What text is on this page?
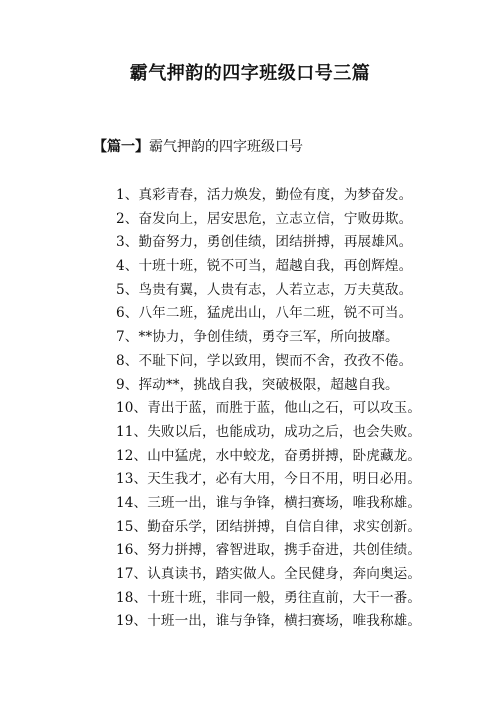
霸气押韵的四字班级口号三篇
【篇一】霸气押韵的四字班级口号
1、真彩青春，活力焕发，勤俭有度，为梦奋发。
2、奋发向上，居安思危，立志立信，宁败毋欺。
3、勤奋努力，勇创佳绩，团结拼搏，再展雄风。
4、十班十班，锐不可当，超越自我，再创辉煌。
5、鸟贵有翼，人贵有志，人若立志，万夫莫敌。
6、八年二班，猛虎出山，八年二班，锐不可当。
7、**协力，争创佳绩，勇夺三军，所向披靡。
8、不耻下问，学以致用，锲而不舍，孜孜不倦。
9、挥动**，挑战自我，突破极限，超越自我。
10、青出于蓝，而胜于蓝，他山之石，可以攻玉。
11、失败以后，也能成功，成功之后，也会失败。
12、山中猛虎，水中蛟龙，奋勇拼搏，卧虎藏龙。
13、天生我才，必有大用，今日不用，明日必用。
14、三班一出，谁与争锋，横扫赛场，唯我称雄。
15、勤奋乐学，团结拼搏，自信自律，求实创新。
16、努力拼搏，睿智进取，携手奋进，共创佳绩。
17、认真读书，踏实做人。全民健身，奔向奥运。
18、十班十班，非同一般，勇往直前，大干一番。
19、十班一出，谁与争锋，横扫赛场，唯我称雄。
